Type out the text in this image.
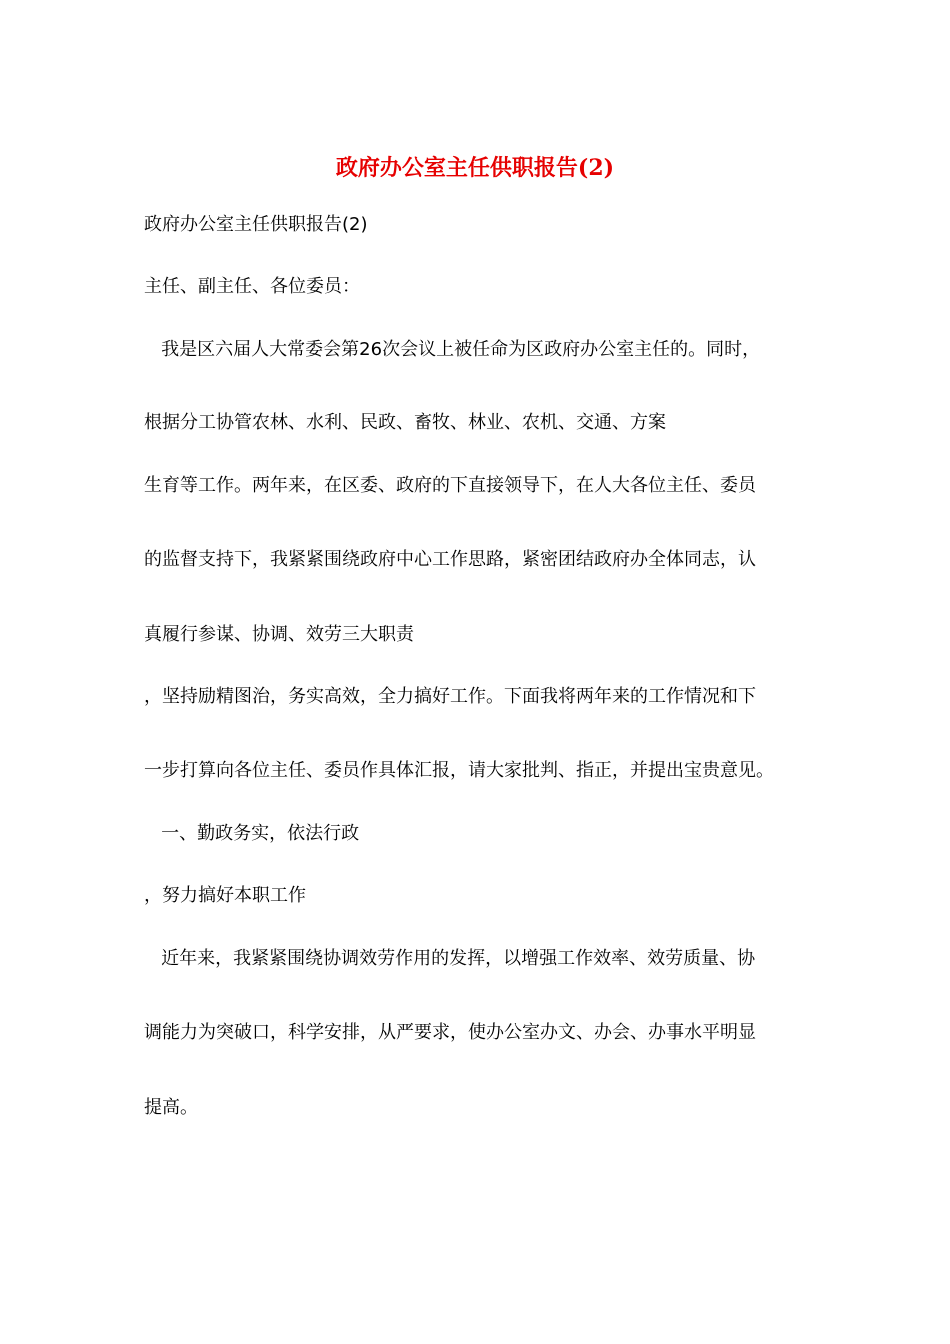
政府办公室主任供职报告(2)
政府办公室主任供职报告(2)
主任、副主任、各位委员：
我是区六届人大常委会第26次会议上被任命为区政府办公室主任的。同时，
根据分工协管农林、水利、民政、畜牧、林业、农机、交通、方案
生育等工作。两年来，在区委、政府的下直接领导下，在人大各位主任、委员
的监督支持下，我紧紧围绕政府中心工作思路，紧密团结政府办全体同志，认
真履行参谋、协调、效劳三大职责
，坚持励精图治，务实高效，全力搞好工作。下面我将两年来的工作情况和下
一步打算向各位主任、委员作具体汇报，请大家批判、指正，并提出宝贵意见。
一、勤政务实，依法行政
，努力搞好本职工作
近年来，我紧紧围绕协调效劳作用的发挥，以增强工作效率、效劳质量、协
调能力为突破口，科学安排，从严要求，使办公室办文、办会、办事水平明显
提高。
